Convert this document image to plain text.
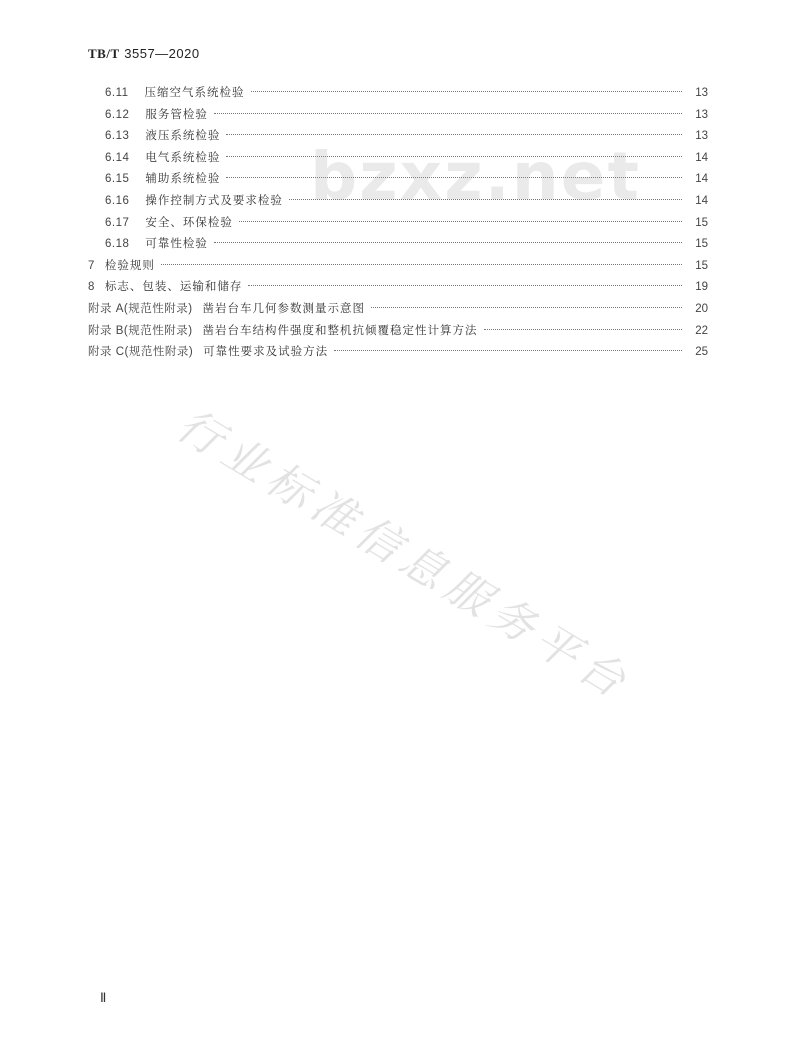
TB/T 3557—2020
6.11 压缩空气系统检验	13
6.12 服务管检验	13
6.13 液压系统检验	13
6.14 电气系统检验	14
6.15 辅助系统检验	14
6.16 操作控制方式及要求检验	14
6.17 安全、环保检验	15
6.18 可靠性检验	15
7 检验规则	15
8 标志、包装、运输和储存	19
附录 A(规范性附录) 凿岩台车几何参数测量示意图	20
附录 B(规范性附录) 凿岩台车结构件强度和整机抗倾覆稳定性计算方法	22
附录 C(规范性附录) 可靠性要求及试验方法	25
bzxz.net
行业标准信息服务平台
Ⅱ
